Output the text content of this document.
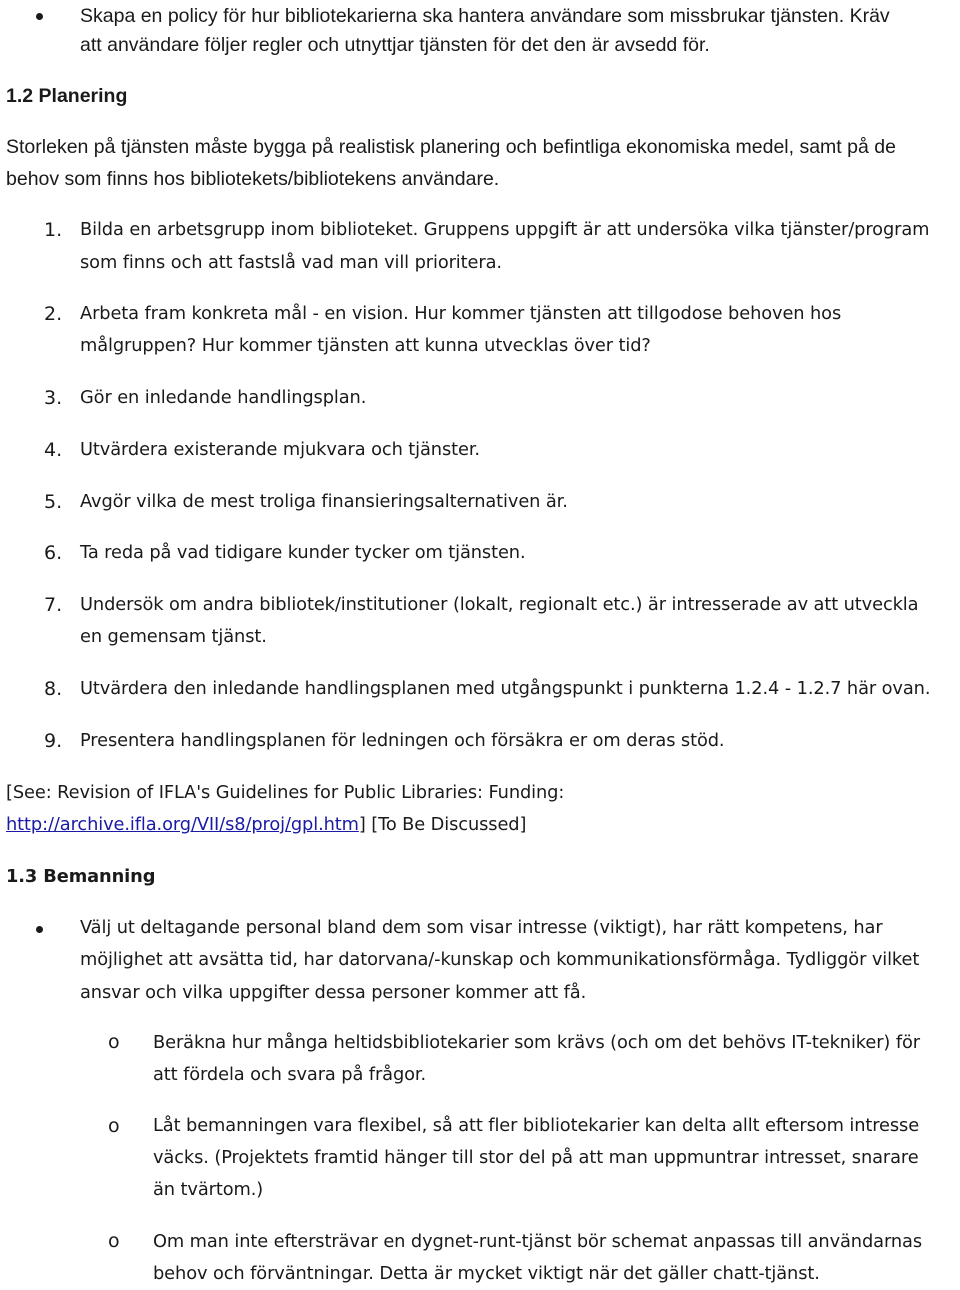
Skapa en policy för hur bibliotekarierna ska hantera användare som missbrukar tjänsten. Kräv
att användare följer regler och utnyttjar tjänsten för det den är avsedd för.
1.2 Planering
Storleken på tjänsten måste bygga på realistisk planering och befintliga ekonomiska medel, samt på de
behov som finns hos bibliotekets/bibliotekens användare.
1. Bilda en arbetsgrupp inom biblioteket. Gruppens uppgift är att undersöka vilka tjänster/program
som finns och att fastslå vad man vill prioritera.
2. Arbeta fram konkreta mål - en vision. Hur kommer tjänsten att tillgodose behoven hos
målgruppen? Hur kommer tjänsten att kunna utvecklas över tid?
3. Gör en inledande handlingsplan.
4. Utvärdera existerande mjukvara och tjänster.
5. Avgör vilka de mest troliga finansieringsalternativen är.
6. Ta reda på vad tidigare kunder tycker om tjänsten.
7. Undersök om andra bibliotek/institutioner (lokalt, regionalt etc.) är intresserade av att utveckla
en gemensam tjänst.
8. Utvärdera den inledande handlingsplanen med utgångspunkt i punkterna 1.2.4 - 1.2.7 här ovan.
9. Presentera handlingsplanen för ledningen och försäkra er om deras stöd.
[See: Revision of IFLA's Guidelines for Public Libraries: Funding:
http://archive.ifla.org/VII/s8/proj/gpl.htm] [To Be Discussed]
1.3 Bemanning
Välj ut deltagande personal bland dem som visar intresse (viktigt), har rätt kompetens, har
möjlighet att avsätta tid, har datorvana/-kunskap och kommunikationsförmåga. Tydliggör vilket
ansvar och vilka uppgifter dessa personer kommer att få.
o Beräkna hur många heltidsbibliotekarier som krävs (och om det behövs IT-tekniker) för
att fördela och svara på frågor.
o Låt bemanningen vara flexibel, så att fler bibliotekarier kan delta allt eftersom intresse
väcks. (Projektets framtid hänger till stor del på att man uppmuntrar intresset, snarare
än tvärtom.)
o Om man inte eftersträvar en dygnet-runt-tjänst bör schemat anpassas till användarnas
behov och förväntningar. Detta är mycket viktigt när det gäller chatt-tjänst.
